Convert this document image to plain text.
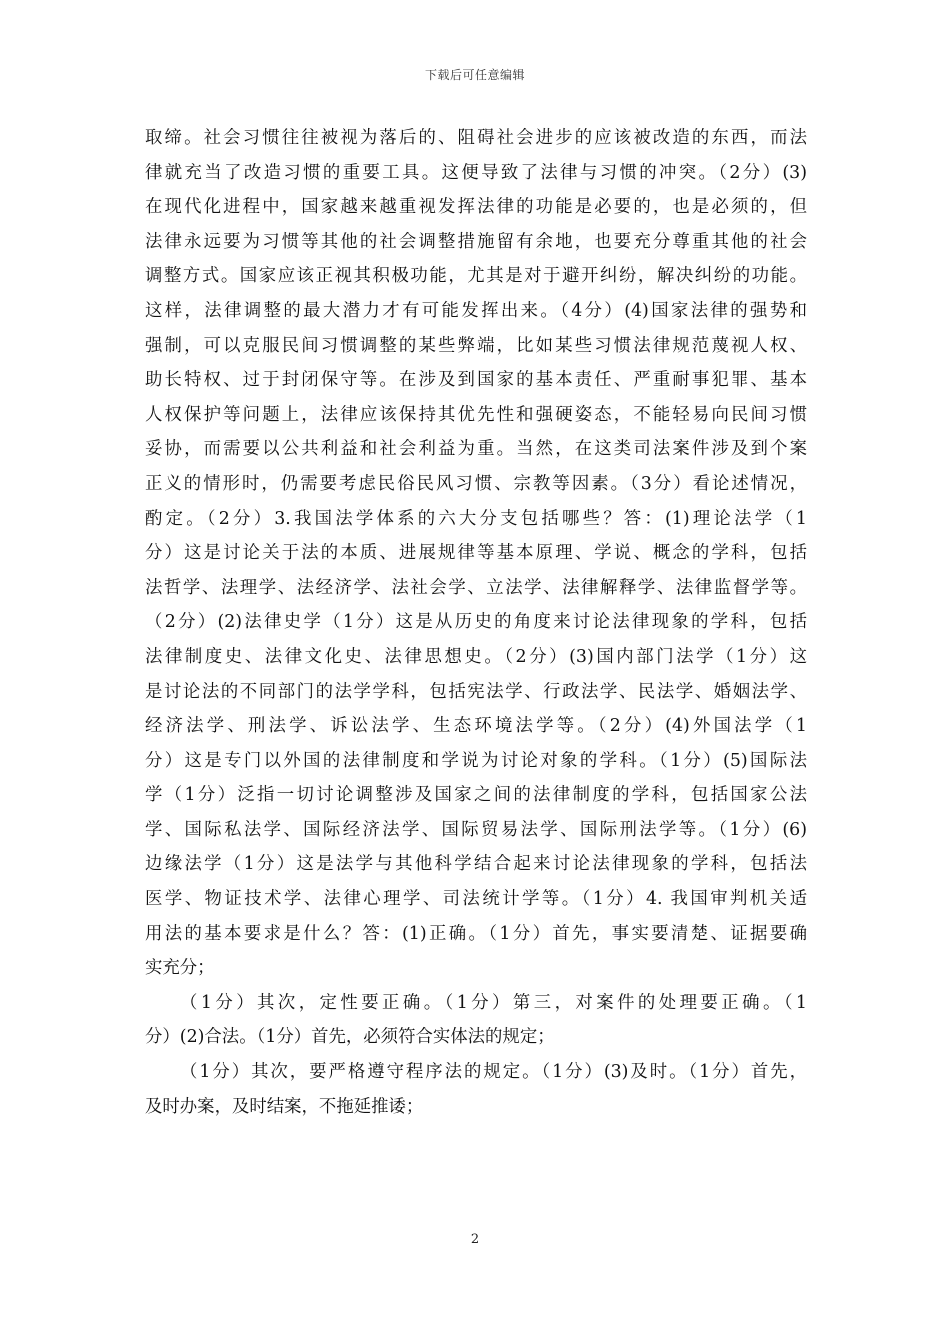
下载后可任意编辑
取缔。社会习惯往往被视为落后的、阻碍社会进步的应该被改造的东西，而法
律就充当了改造习惯的重要工具。这便导致了法律与习惯的冲突。（2分）(3)
在现代化进程中，国家越来越重视发挥法律的功能是必要的，也是必须的，但
法律永远要为习惯等其他的社会调整措施留有余地，也要充分尊重其他的社会
调整方式。国家应该正视其积极功能，尤其是对于避开纠纷，解决纠纷的功能。
这样，法律调整的最大潜力才有可能发挥出来。（4分）(4)国家法律的强势和
强制，可以克服民间习惯调整的某些弊端，比如某些习惯法律规范蔑视人权、
助长特权、过于封闭保守等。在涉及到国家的基本责任、严重耐事犯罪、基本
人权保护等问题上，法律应该保持其优先性和强硬姿态，不能轻易向民间习惯
妥协，而需要以公共利益和社会利益为重。当然，在这类司法案件涉及到个案
正义的情形时，仍需要考虑民俗民风习惯、宗教等因素。（3分）看论述情况，
酌定。（2分）3.我国法学体系的六大分支包括哪些？答：(1)理论法学（1
分）这是讨论关于法的本质、进展规律等基本原理、学说、概念的学科，包括
法哲学、法理学、法经济学、法社会学、立法学、法律解释学、法律监督学等。
（2分）(2)法律史学（1分）这是从历史的角度来讨论法律现象的学科，包括
法律制度史、法律文化史、法律思想史。（2分）(3)国内部门法学（1分）这
是讨论法的不同部门的法学学科，包括宪法学、行政法学、民法学、婚姻法学、
经济法学、刑法学、诉讼法学、生态环境法学等。（2分）(4)外国法学（1
分）这是专门以外国的法律制度和学说为讨论对象的学科。（1分）(5)国际法
学（1分）泛指一切讨论调整涉及国家之间的法律制度的学科，包括国家公法
学、国际私法学、国际经济法学、国际贸易法学、国际刑法学等。（1分）(6)
边缘法学（1分）这是法学与其他科学结合起来讨论法律现象的学科，包括法
医学、物证技术学、法律心理学、司法统计学等。（1分）4. 我国审判机关适
用法的基本要求是什么？答：(1)正确。（1分）首先，事实要清楚、证据要确
实充分；
（1分）其次，定性要正确。（1分）第三，对案件的处理要正确。（1
分）(2)合法。（1分）首先，必须符合实体法的规定；
（1分）其次，要严格遵守程序法的规定。（1分）(3)及时。（1分）首先，
及时办案，及时结案，不拖延推诿；
2
